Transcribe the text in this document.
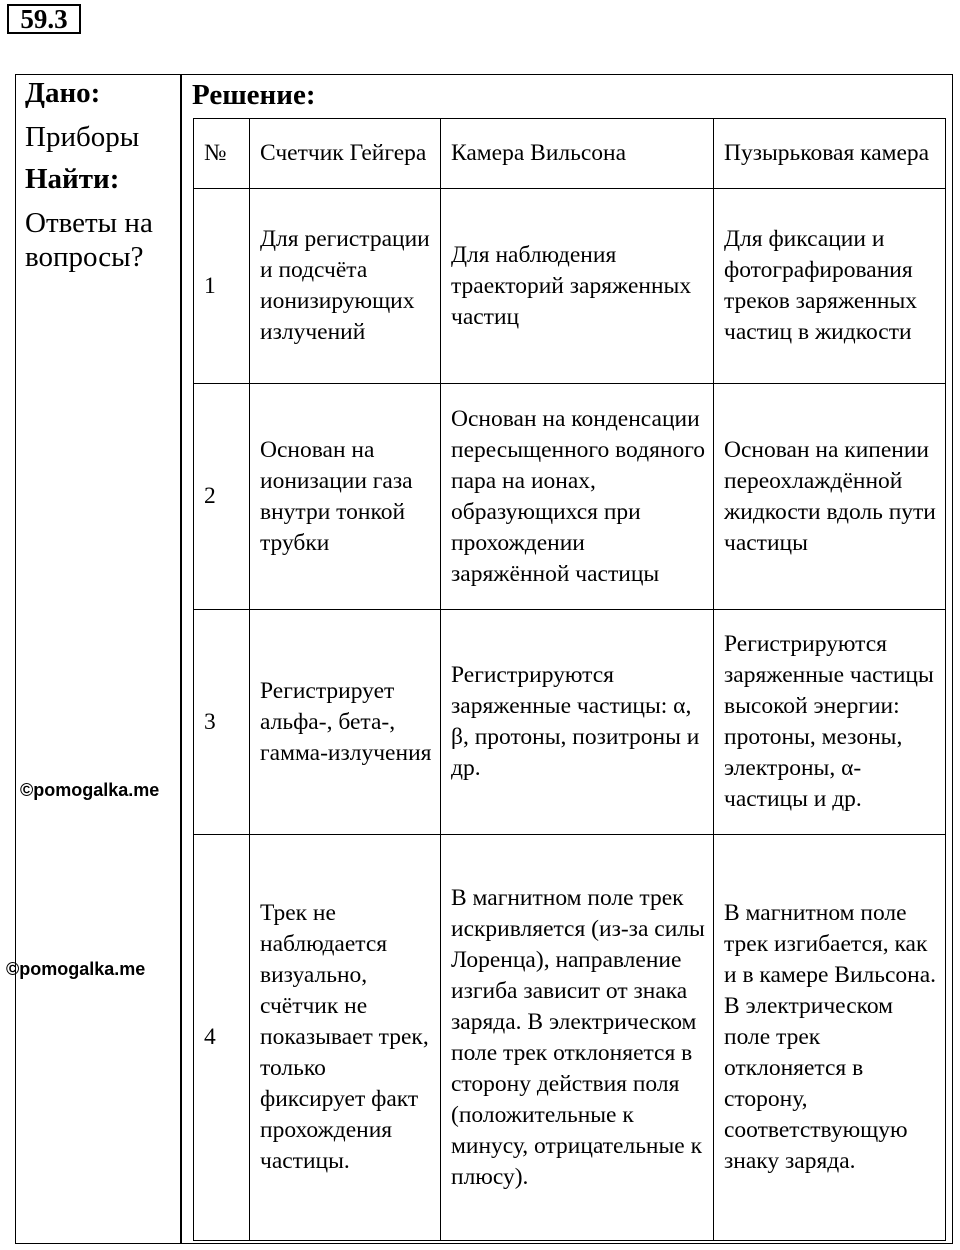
59.3

Дано:

Приборы

Найти:

Ответы на вопросы?

Решение:
©pomogalka.me
©pomogalka.me
№	Счетчик Гейгера	Камера Вильсона	Пузырьковая камера
1	Для регистрации и подсчёта ионизирующих излучений	Для наблюдения траекторий заряженных частиц	Для фиксации и фотографирования треков заряженных частиц в жидкости
2	Основан на ионизации газа внутри тонкой трубки	Основан на конденсации пересыщенного водяного пара на ионах, образующихся при прохождении заряжённой частицы	Основан на кипении переохлаждённой жидкости вдоль пути частицы
3	Регистрирует альфа-, бета-, гамма-излучения	Регистрируются заряженные частицы: α, β, протоны, позитроны и др.	Регистрируются заряженные частицы высокой энергии: протоны, мезоны, электроны, α-частицы и др.
4	Трек не наблюдается визуально, счётчик не показывает трек, только фиксирует факт прохождения частицы.	В магнитном поле трек искривляется (из-за силы Лоренца), направление изгиба зависит от знака заряда. В электрическом поле трек отклоняется в сторону действия поля (положительные к минусу, отрицательные к плюсу).	В магнитном поле трек изгибается, как и в камере Вильсона. В электрическом поле трек отклоняется в сторону, соответствующую знаку заряда.
